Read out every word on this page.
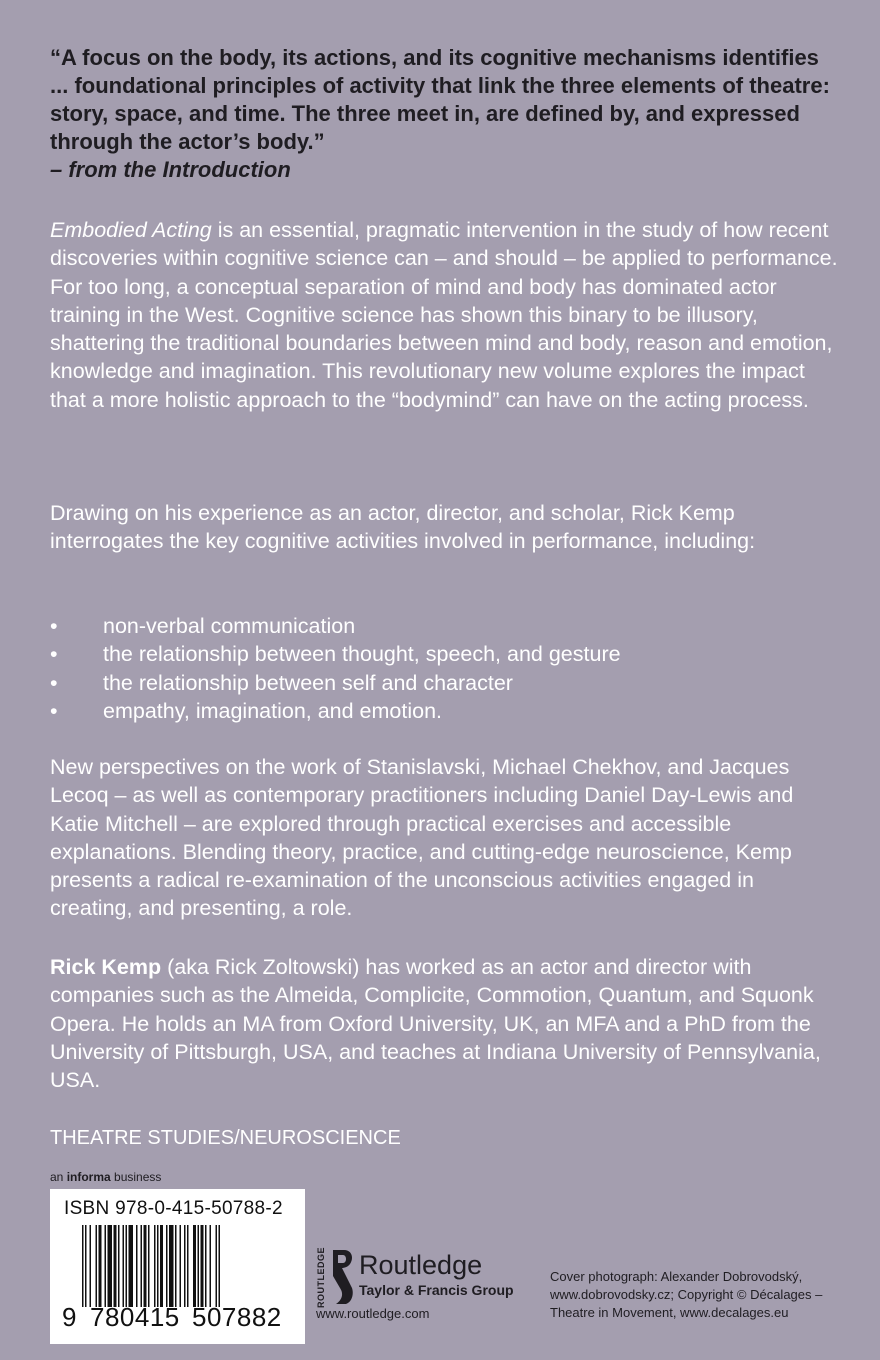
“A focus on the body, its actions, and its cognitive mechanisms identifies ... foundational principles of activity that link the three elements of theatre: story, space, and time. The three meet in, are defined by, and expressed through the actor’s body.”
– from the Introduction
Embodied Acting is an essential, pragmatic intervention in the study of how recent discoveries within cognitive science can – and should – be applied to performance. For too long, a conceptual separation of mind and body has dominated actor training in the West. Cognitive science has shown this binary to be illusory, shattering the traditional boundaries between mind and body, reason and emotion, knowledge and imagination. This revolutionary new volume explores the impact that a more holistic approach to the “bodymind” can have on the acting process.
Drawing on his experience as an actor, director, and scholar, Rick Kemp interrogates the key cognitive activities involved in performance, including:
• non-verbal communication
• the relationship between thought, speech, and gesture
• the relationship between self and character
• empathy, imagination, and emotion.
New perspectives on the work of Stanislavski, Michael Chekhov, and Jacques Lecoq – as well as contemporary practitioners including Daniel Day-Lewis and Katie Mitchell – are explored through practical exercises and accessible explanations. Blending theory, practice, and cutting-edge neuroscience, Kemp presents a radical re-examination of the unconscious activities engaged in creating, and presenting, a role.
Rick Kemp (aka Rick Zoltowski) has worked as an actor and director with companies such as the Almeida, Complicite, Commotion, Quantum, and Squonk Opera. He holds an MA from Oxford University, UK, an MFA and a PhD from the University of Pittsburgh, USA, and teaches at Indiana University of Pennsylvania, USA.
THEATRE STUDIES/NEUROSCIENCE
an informa business
ISBN 978-0-415-50788-2
9 780415 507882
ROUTLEDGE Routledge
Taylor & Francis Group
www.routledge.com
Cover photograph: Alexander Dobrovodský, www.dobrovodsky.cz; Copyright © Décalages – Theatre in Movement, www.decalages.eu
